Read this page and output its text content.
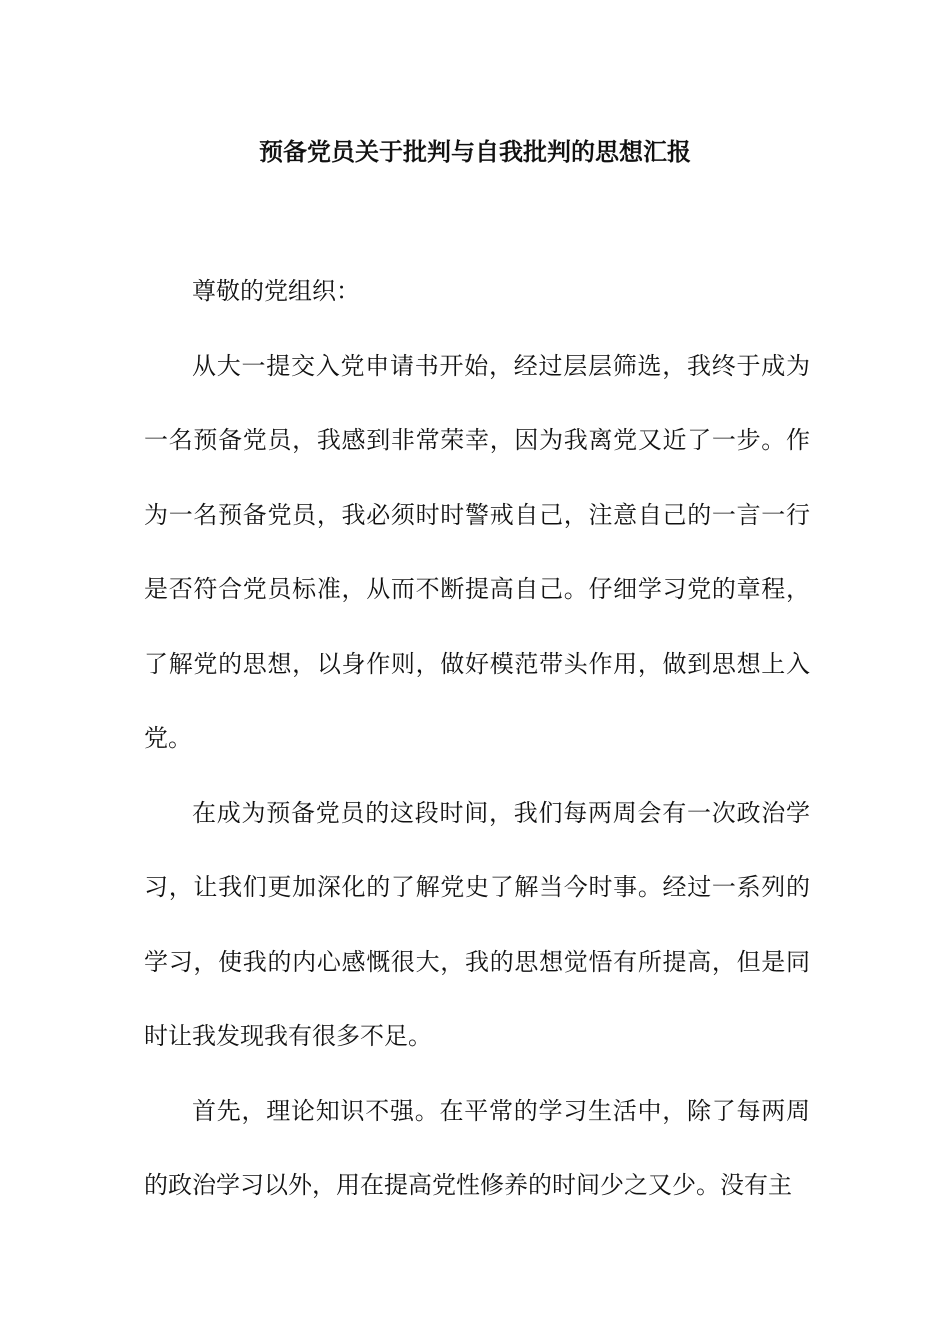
预备党员关于批判与自我批判的思想汇报

尊敬的党组织：

从大一提交入党申请书开始，经过层层筛选，我终于成为一名预备党员，我感到非常荣幸，因为我离党又近了一步。作为一名预备党员，我必须时时警戒自己，注意自己的一言一行是否符合党员标准，从而不断提高自己。仔细学习党的章程，了解党的思想，以身作则，做好模范带头作用，做到思想上入党。

在成为预备党员的这段时间，我们每两周会有一次政治学习，让我们更加深化的了解党史了解当今时事。经过一系列的学习，使我的内心感慨很大，我的思想觉悟有所提高，但是同时让我发现我有很多不足。

首先，理论知识不强。在平常的学习生活中，除了每两周的政治学习以外，用在提高党性修养的时间少之又少。没有主
